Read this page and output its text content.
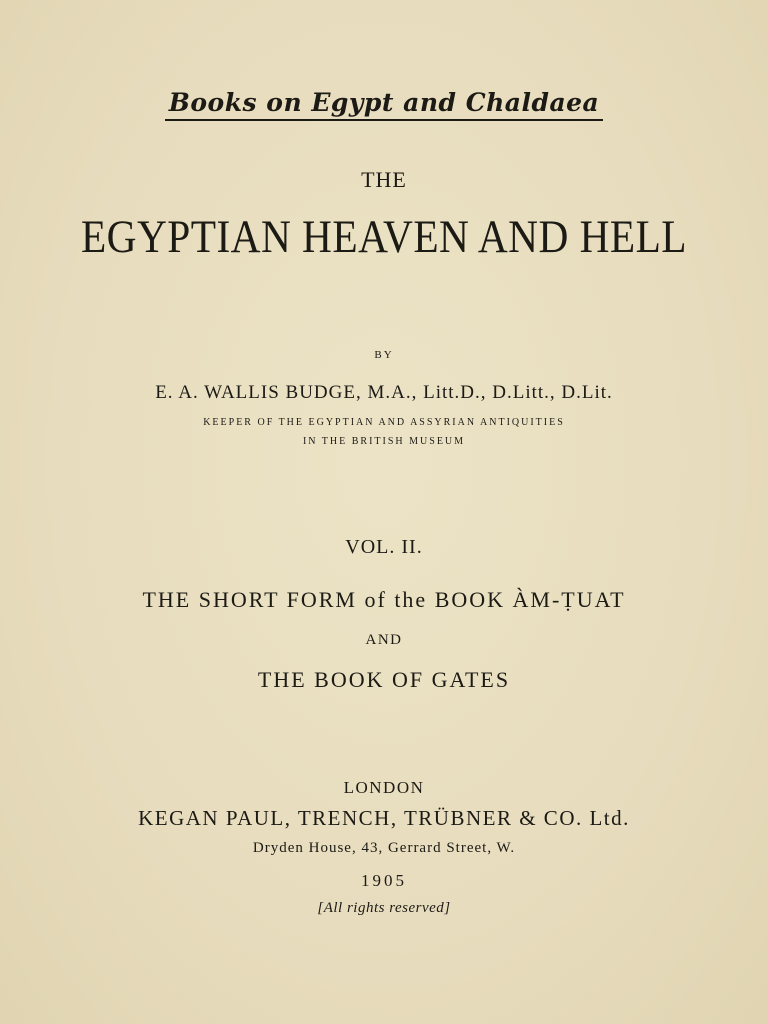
Books on Egypt and Chaldaea
THE
EGYPTIAN HEAVEN AND HELL
BY
E. A. WALLIS BUDGE, M.A., Litt.D., D.Litt., D.Lit.
KEEPER OF THE EGYPTIAN AND ASSYRIAN ANTIQUITIES
IN THE BRITISH MUSEUM
VOL. II.
THE SHORT FORM of the BOOK ÀM-ṬUAT
AND
THE BOOK OF GATES
LONDON
KEGAN PAUL, TRENCH, TRÜBNER & CO. Ltd.
Dryden House, 43, Gerrard Street, W.
1905
[All rights reserved]
